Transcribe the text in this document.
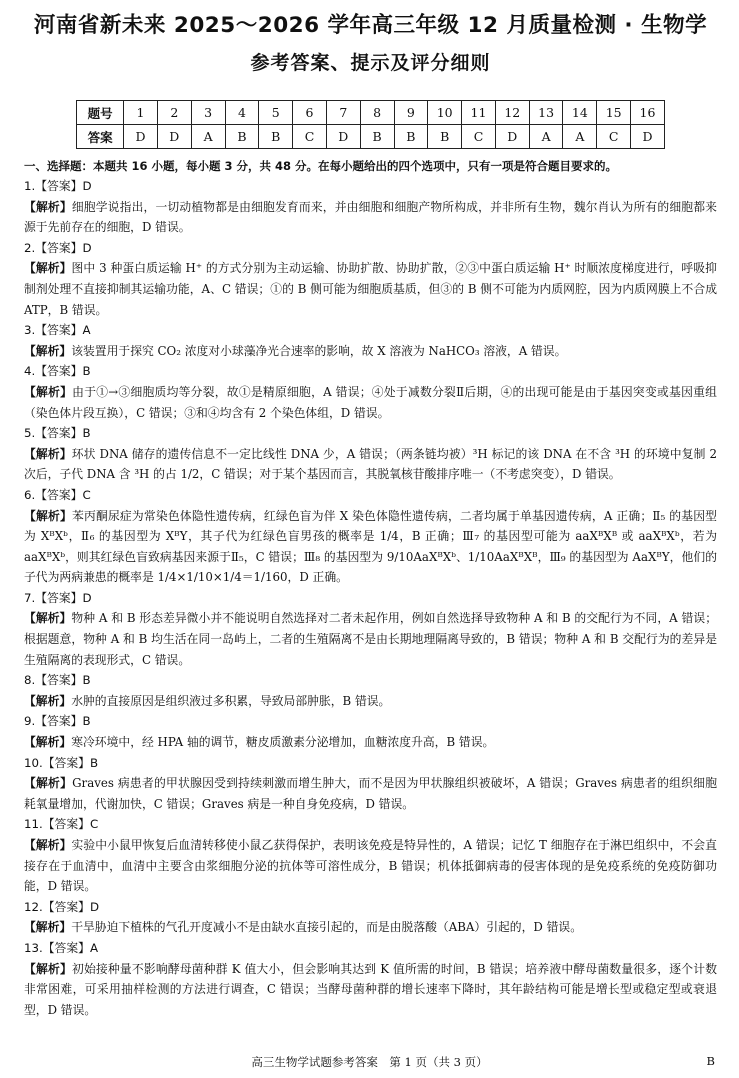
河南省新未来 2025～2026 学年高三年级 12 月质量检测 · 生物学
参考答案、提示及评分细则
题号	1	2	3	4	5	6	7	8	9	10	11	12	13	14	15	16
答案	D	D	A	B	B	C	D	B	B	B	C	D	A	A	C	D
一、选择题：本题共 16 小题，每小题 3 分，共 48 分。在每小题给出的四个选项中，只有一项是符合题目要求的。
1.【答案】D
【解析】细胞学说指出，一切动植物都是由细胞发育而来，并由细胞和细胞产物所构成，并非所有生物，魏尔肖认为所有的细胞都来源于先前存在的细胞，D 错误。
2.【答案】D
【解析】图中 3 种蛋白质运输 H⁺ 的方式分别为主动运输、协助扩散、协助扩散，②③中蛋白质运输 H⁺ 时顺浓度梯度进行，呼吸抑制剂处理不直接抑制其运输功能，A、C 错误；①的 B 侧可能为细胞质基质，但③的 B 侧不可能为内质网腔，因为内质网膜上不合成 ATP，B 错误。
3.【答案】A
【解析】该装置用于探究 CO₂ 浓度对小球藻净光合速率的影响，故 X 溶液为 NaHCO₃ 溶液，A 错误。
4.【答案】B
【解析】由于①→③细胞质均等分裂，故①是精原细胞，A 错误；④处于减数分裂Ⅱ后期，④的出现可能是由于基因突变或基因重组（染色体片段互换），C 错误；③和④均含有 2 个染色体组，D 错误。
5.【答案】B
【解析】环状 DNA 储存的遗传信息不一定比线性 DNA 少，A 错误；（两条链均被）³H 标记的该 DNA 在不含 ³H 的环境中复制 2 次后，子代 DNA 含 ³H 的占 1/2，C 错误；对于某个基因而言，其脱氧核苷酸排序唯一（不考虑突变），D 错误。
6.【答案】C
【解析】苯丙酮尿症为常染色体隐性遗传病，红绿色盲为伴 X 染色体隐性遗传病，二者均属于单基因遗传病，A 正确；Ⅱ₅ 的基因型为 XᴮXᵇ，Ⅱ₆ 的基因型为 XᴮY，其子代为红绿色盲男孩的概率是 1/4，B 正确；Ⅲ₇ 的基因型可能为 aaXᴮXᴮ 或 aaXᴮXᵇ，若为 aaXᴮXᵇ，则其红绿色盲致病基因来源于Ⅱ₅，C 错误；Ⅲ₈ 的基因型为 9/10AaXᴮXᵇ、1/10AaXᴮXᴮ，Ⅲ₉ 的基因型为 AaXᴮY，他们的子代为两病兼患的概率是 1/4×1/10×1/4＝1/160，D 正确。
7.【答案】D
【解析】物种 A 和 B 形态差异微小并不能说明自然选择对二者未起作用，例如自然选择导致物种 A 和 B 的交配行为不同，A 错误；根据题意，物种 A 和 B 均生活在同一岛屿上，二者的生殖隔离不是由长期地理隔离导致的，B 错误；物种 A 和 B 交配行为的差异是生殖隔离的表现形式，C 错误。
8.【答案】B
【解析】水肿的直接原因是组织液过多积累，导致局部肿胀，B 错误。
9.【答案】B
【解析】寒冷环境中，经 HPA 轴的调节，糖皮质激素分泌增加，血糖浓度升高，B 错误。
10.【答案】B
【解析】Graves 病患者的甲状腺因受到持续刺激而增生肿大，而不是因为甲状腺组织被破坏，A 错误；Graves 病患者的组织细胞耗氧量增加，代谢加快，C 错误；Graves 病是一种自身免疫病，D 错误。
11.【答案】C
【解析】实验中小鼠甲恢复后血清转移使小鼠乙获得保护，表明该免疫是特异性的，A 错误；记忆 T 细胞存在于淋巴组织中，不会直接存在于血清中，血清中主要含由浆细胞分泌的抗体等可溶性成分，B 错误；机体抵御病毒的侵害体现的是免疫系统的免疫防御功能，D 错误。
12.【答案】D
【解析】干旱胁迫下植株的气孔开度减小不是由缺水直接引起的，而是由脱落酸（ABA）引起的，D 错误。
13.【答案】A
【解析】初始接种量不影响酵母菌种群 K 值大小，但会影响其达到 K 值所需的时间，B 错误；培养液中酵母菌数量很多，逐个计数非常困难，可采用抽样检测的方法进行调查，C 错误；当酵母菌种群的增长速率下降时，其年龄结构可能是增长型或稳定型或衰退型，D 错误。
高三生物学试题参考答案　第 1 页（共 3 页）	B
